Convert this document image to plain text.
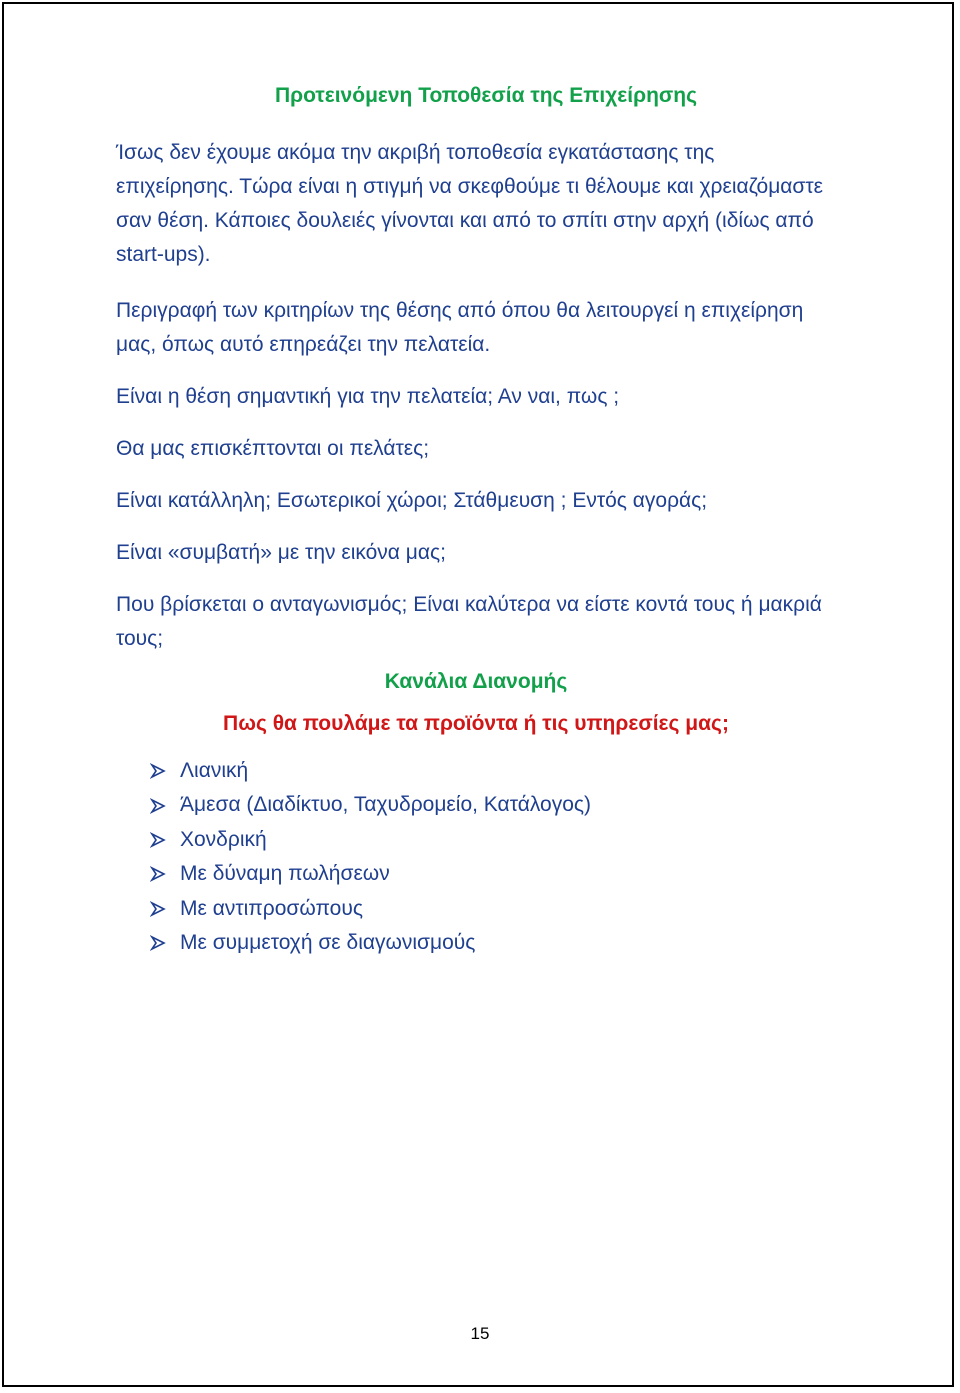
Προτεινόμενη Τοποθεσία της Επιχείρησης

Ίσως δεν έχουμε ακόμα την ακριβή τοποθεσία εγκατάστασης της επιχείρησης. Τώρα είναι η στιγμή να σκεφθούμε τι θέλουμε και χρειαζόμαστε σαν θέση. Κάποιες δουλειές γίνονται και από το σπίτι στην αρχή (ιδίως από start-ups).

Περιγραφή των κριτηρίων της θέσης από όπου θα λειτουργεί η επιχείρηση μας, όπως αυτό επηρεάζει την πελατεία.

Είναι η θέση σημαντική για την πελατεία; Αν ναι, πως ;

Θα μας επισκέπτονται οι πελάτες;

Είναι κατάλληλη; Εσωτερικοί χώροι; Στάθμευση ; Εντός αγοράς;

Είναι «συμβατή» με την εικόνα μας;

Που βρίσκεται ο ανταγωνισμός; Είναι καλύτερα να είστε κοντά τους ή μακριά τους;

Κανάλια Διανομής
Πως θα πουλάμε τα προϊόντα ή τις υπηρεσίες μας;
Λιανική
Άμεσα (Διαδίκτυο, Ταχυδρομείο, Κατάλογος)
Χονδρική
Με δύναμη πωλήσεων
Με αντιπροσώπους
Με συμμετοχή σε διαγωνισμούς
15
